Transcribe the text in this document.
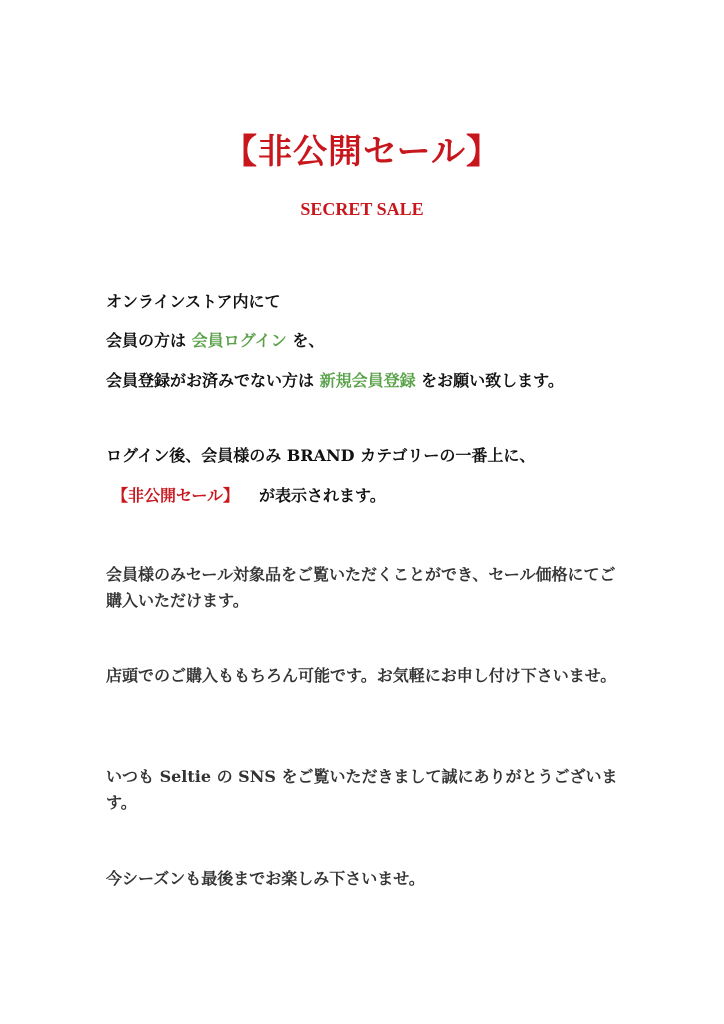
【非公開セール】
SECRET SALE

オンラインストア内にて

会員の方は 会員ログイン を、

会員登録がお済みでない方は 新規会員登録 をお願い致します。

ログイン後、会員様のみ BRAND カテゴリーの一番上に、

【非公開セール】 が表示されます。

会員様のみセール対象品をご覧いただくことができ、セール価格にてご購入いただけます。

店頭でのご購入ももちろん可能です。お気軽にお申し付け下さいませ。

いつも Seltie の SNS をご覧いただきまして誠にありがとうございます。

今シーズンも最後までお楽しみ下さいませ。
